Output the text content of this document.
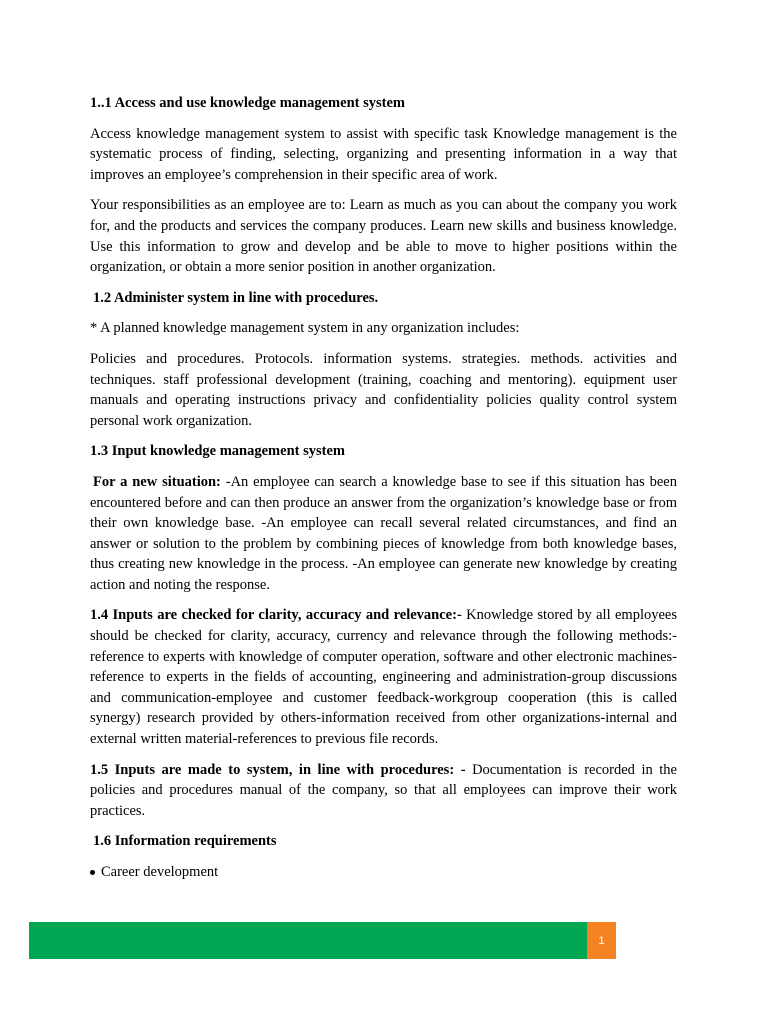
1..1 Access and use knowledge management system

Access knowledge management system to assist with specific task Knowledge management is the systematic process of finding, selecting, organizing and presenting information in a way that improves an employee’s comprehension in their specific area of work.

Your responsibilities as an employee are to: Learn as much as you can about the company you work for, and the products and services the company produces. Learn new skills and business knowledge. Use this information to grow and develop and be able to move to higher positions within the organization, or obtain a more senior position in another organization.

1.2 Administer system in line with procedures.

* A planned knowledge management system in any organization includes:

Policies and procedures. Protocols. information systems. strategies. methods. activities and techniques. staff professional development (training, coaching and mentoring). equipment user manuals and operating instructions privacy and confidentiality policies quality control system personal work organization.

1.3 Input knowledge management system

For a new situation: -An employee can search a knowledge base to see if this situation has been encountered before and can then produce an answer from the organization’s knowledge base or from their own knowledge base. -An employee can recall several related circumstances, and find an answer or solution to the problem by combining pieces of knowledge from both knowledge bases, thus creating new knowledge in the process. -An employee can generate new knowledge by creating action and noting the response.

1.4 Inputs are checked for clarity, accuracy and relevance:- Knowledge stored by all employees should be checked for clarity, accuracy, currency and relevance through the following methods:-reference to experts with knowledge of computer operation, software and other electronic machines-reference to experts in the fields of accounting, engineering and administration-group discussions and communication-employee and customer feedback-workgroup cooperation (this is called synergy) research provided by others-information received from other organizations-internal and external written material-references to previous file records.

1.5 Inputs are made to system, in line with procedures: - Documentation is recorded in the policies and procedures manual of the company, so that all employees can improve their work practices.

1.6 Information requirements
Career development
1
